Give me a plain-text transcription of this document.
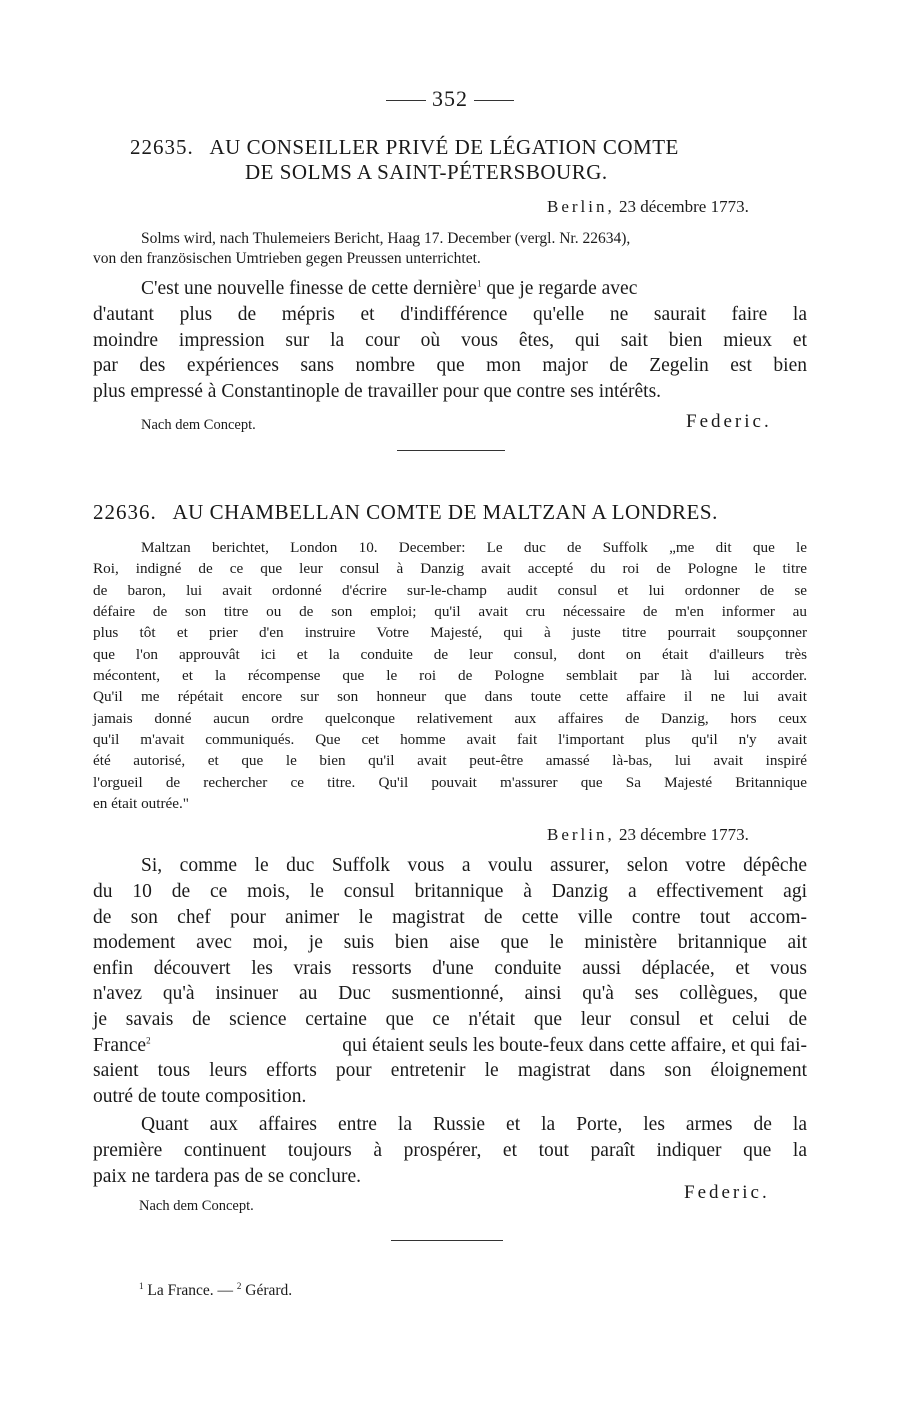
352
22635. AU CONSEILLER PRIVÉ DE LÉGATION COMTE
DE SOLMS A SAINT-PÉTERSBOURG.
Berlin, 23 décembre 1773.
Solms wird, nach Thulemeiers Bericht, Haag 17. December (vergl. Nr. 22634),
von den französischen Umtrieben gegen Preussen unterrichtet.
C'est une nouvelle finesse de cette dernière$^1$ que je regarde avec
d'autant plus de mépris et d'indifférence qu'elle ne saurait faire la
moindre impression sur la cour où vous êtes, qui sait bien mieux et
par des expériences sans nombre que mon major de Zegelin est bien
plus empressé à Constantinople de travailler pour que contre ses intérêts.
Nach dem Concept.	Federic.
22636. AU CHAMBELLAN COMTE DE MALTZAN A LONDRES.
Maltzan berichtet, London 10. December: Le duc de Suffolk „me dit que le
Roi, indigné de ce que leur consul à Danzig avait accepté du roi de Pologne le titre
de baron, lui avait ordonné d'écrire sur-le-champ audit consul et lui ordonner de se
défaire de son titre ou de son emploi; qu'il avait cru nécessaire de m'en informer au
plus tôt et prier d'en instruire Votre Majesté, qui à juste titre pourrait soupçonner
que l'on approuvât ici et la conduite de leur consul, dont on était d'ailleurs très
mécontent, et la récompense que le roi de Pologne semblait par là lui accorder.
Qu'il me répétait encore sur son honneur que dans toute cette affaire il ne lui avait
jamais donné aucun ordre quelconque relativement aux affaires de Danzig, hors ceux
qu'il m'avait communiqués. Que cet homme avait fait l'important plus qu'il n'y avait
été autorisé, et que le bien qu'il avait peut-être amassé là-bas, lui avait inspiré
l'orgueil de rechercher ce titre. Qu'il pouvait m'assurer que Sa Majesté Britannique
en était outrée."
Berlin, 23 décembre 1773.
Si, comme le duc Suffolk vous a voulu assurer, selon votre dépêche
du 10 de ce mois, le consul britannique à Danzig a effectivement agi
de son chef pour animer le magistrat de cette ville contre tout accom-
modement avec moi, je suis bien aise que le ministère britannique ait
enfin découvert les vrais ressorts d'une conduite aussi déplacée, et vous
n'avez qu'à insinuer au Duc susmentionné, ainsi qu'à ses collègues, que
je savais de science certaine que ce n'était que leur consul et celui de
France$^2$	qui étaient seuls les boute-feux dans cette affaire, et qui fai-
saient tous leurs efforts pour entretenir le magistrat dans son éloignement
outré de toute composition.
Quant aux affaires entre la Russie et la Porte, les armes de la
première continuent toujours à prospérer, et tout paraît indiquer que la
paix ne tardera pas de se conclure.
Federic.
Nach dem Concept.
$^1$ La France. — $^2$ Gérard.
